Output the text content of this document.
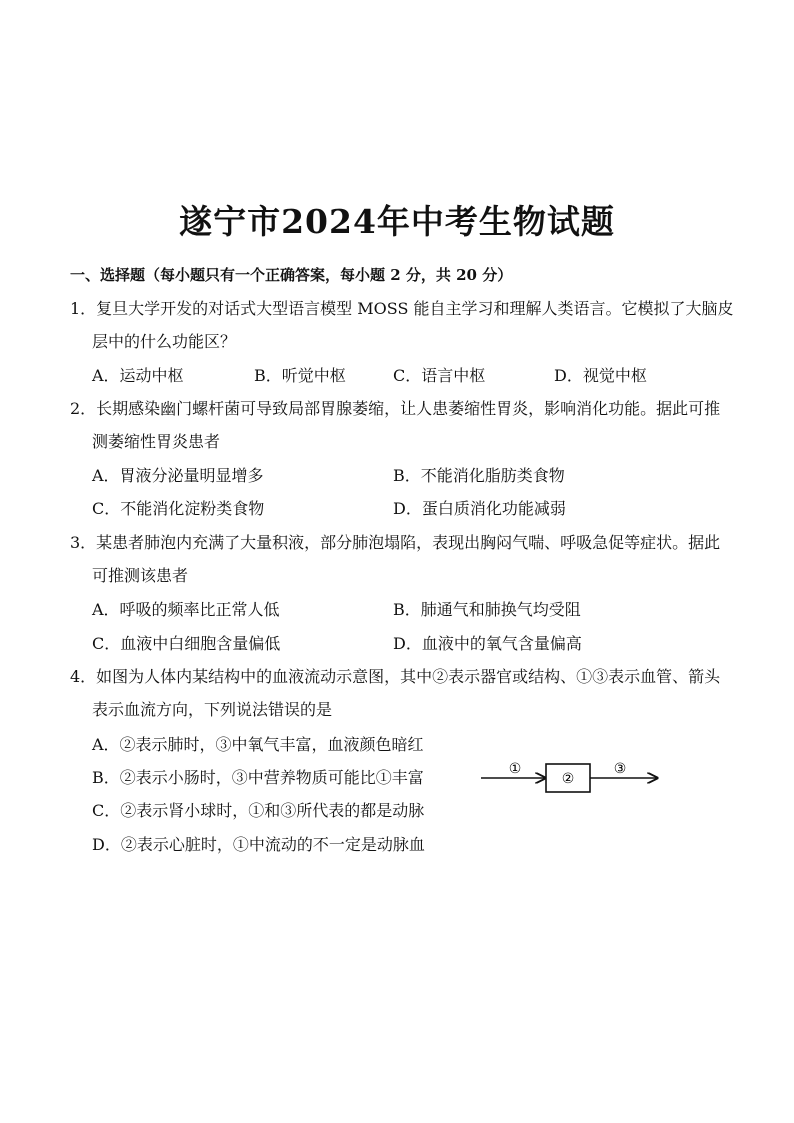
遂宁市2024年中考生物试题
一、选择题（每小题只有一个正确答案，每小题 2 分，共 20 分）
1．复旦大学开发的对话式大型语言模型 MOSS 能自主学习和理解人类语言。它模拟了大脑皮
层中的什么功能区？
A．运动中枢	B．听觉中枢	C．语言中枢	D．视觉中枢
2．长期感染幽门螺杆菌可导致局部胃腺萎缩，让人患萎缩性胃炎，影响消化功能。据此可推
测萎缩性胃炎患者
A．胃液分泌量明显增多	B．不能消化脂肪类食物
C．不能消化淀粉类食物	D．蛋白质消化功能减弱
3．某患者肺泡内充满了大量积液，部分肺泡塌陷，表现出胸闷气喘、呼吸急促等症状。据此
可推测该患者
A．呼吸的频率比正常人低	B．肺通气和肺换气均受阻
C．血液中白细胞含量偏低	D．血液中的氧气含量偏高
4．如图为人体内某结构中的血液流动示意图，其中②表示器官或结构、①③表示血管、箭头
表示血流方向，下列说法错误的是
A．②表示肺时，③中氧气丰富，血液颜色暗红
B．②表示小肠时，③中营养物质可能比①丰富
C．②表示肾小球时，①和③所代表的都是动脉
D．②表示心脏时，①中流动的不一定是动脉血
①
②
③
